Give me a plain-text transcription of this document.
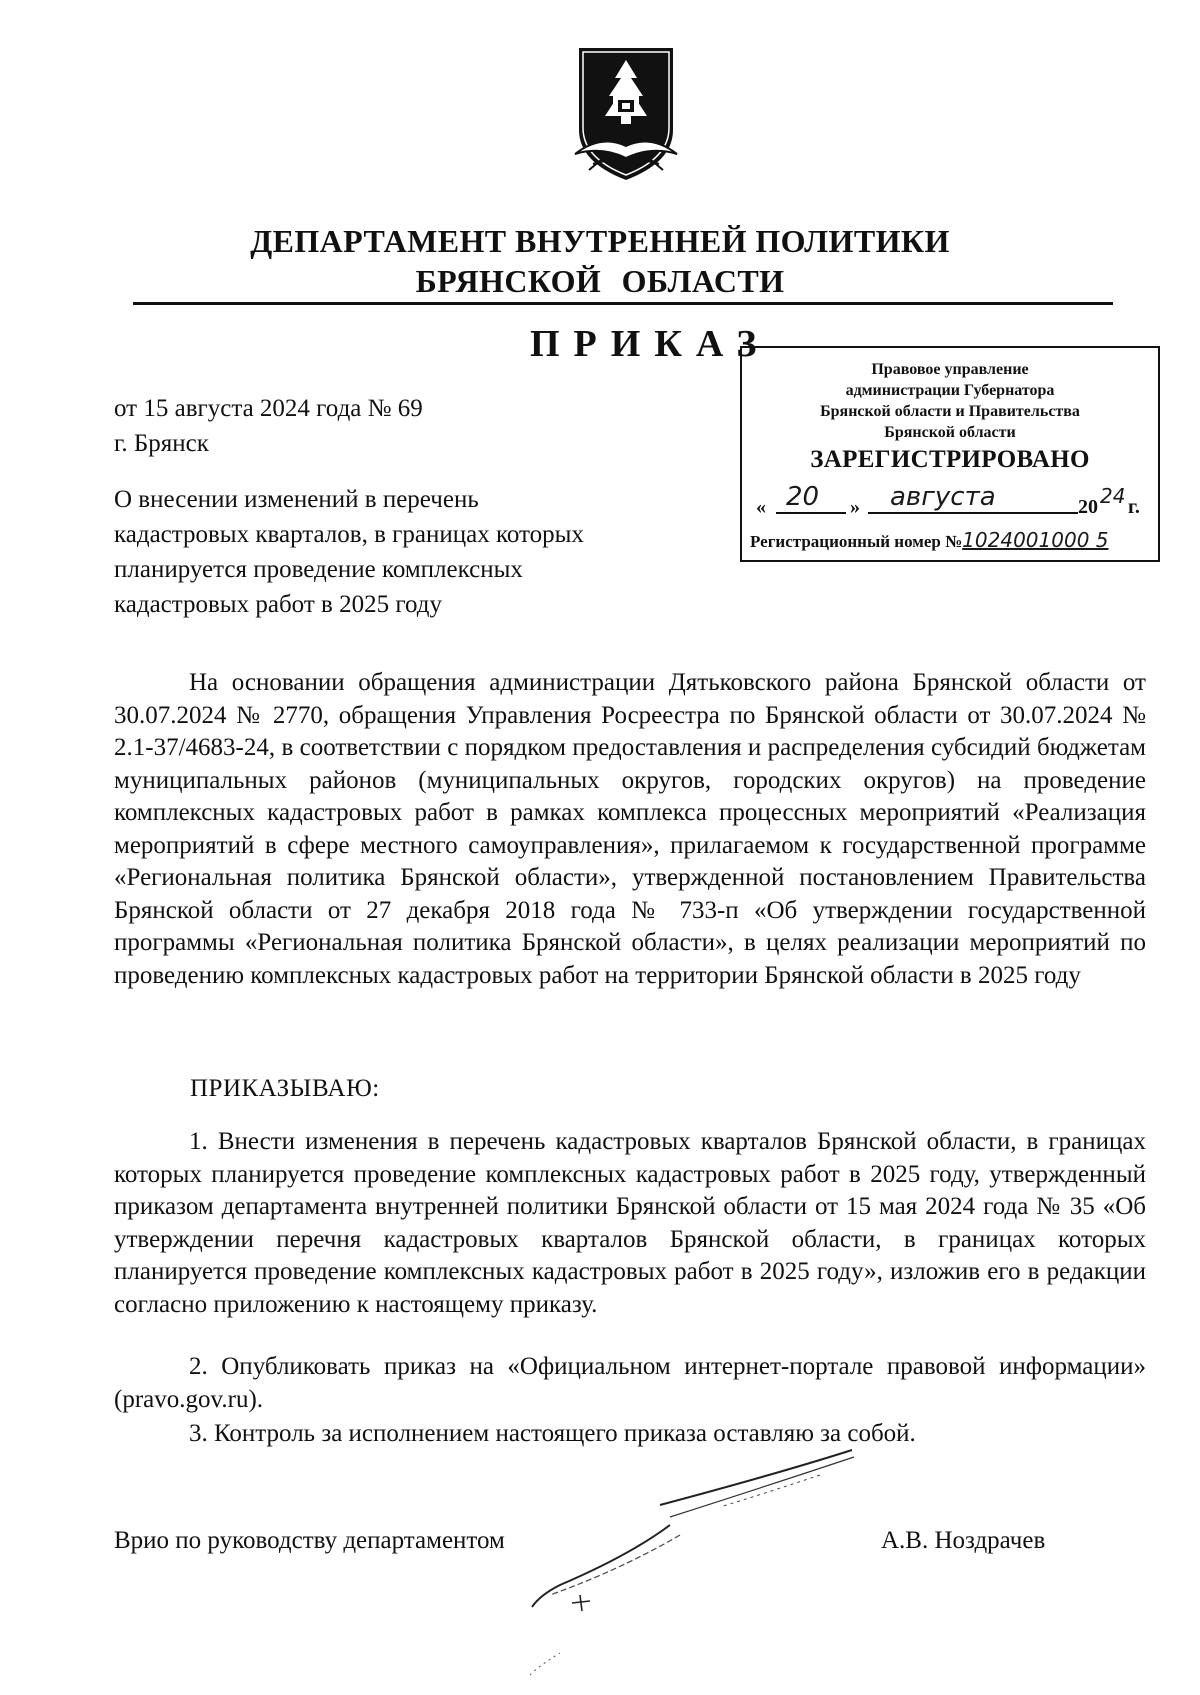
ДЕПАРТАМЕНТ ВНУТРЕННЕЙ ПОЛИТИКИ
БРЯНСКОЙ ОБЛАСТИ
ПРИКАЗ
Правовое управление
администрации Губернатора
Брянской области и Правительства
Брянской области
ЗАРЕГИСТРИРОВАНО
« 20 » августа	20 24 г.
Регистрационный номер №1024001000 5
от 15 августа 2024 года № 69
г. Брянск
О внесении изменений в перечень
кадастровых кварталов, в границах которых
планируется проведение комплексных
кадастровых работ в 2025 году
На основании обращения администрации Дятьковского района Брянской области от 30.07.2024 № 2770, обращения Управления Росреестра по Брянской области от 30.07.2024 № 2.1-37/4683-24, в соответствии с порядком предоставления и распределения субсидий бюджетам муниципальных районов (муниципальных округов, городских округов) на проведение комплексных кадастровых работ в рамках комплекса процессных мероприятий «Реализация мероприятий в сфере местного самоуправления», прилагаемом к государственной программе «Региональная политика Брянской области», утвержденной постановлением Правительства Брянской области от 27 декабря 2018 года № 733-п «Об утверждении государственной программы «Региональная политика Брянской области», в целях реализации мероприятий по проведению комплексных кадастровых работ на территории Брянской области в 2025 году
ПРИКАЗЫВАЮ:
1. Внести изменения в перечень кадастровых кварталов Брянской области, в границах которых планируется проведение комплексных кадастровых работ в 2025 году, утвержденный приказом департамента внутренней политики Брянской области от 15 мая 2024 года № 35 «Об утверждении перечня кадастровых кварталов Брянской области, в границах которых планируется проведение комплексных кадастровых работ в 2025 году», изложив его в редакции согласно приложению к настоящему приказу.
2. Опубликовать приказ на «Официальном интернет-портале правовой информации» (pravo.gov.ru).
3. Контроль за исполнением настоящего приказа оставляю за собой.
Врио по руководству департаментом	А.В. Ноздрачев
